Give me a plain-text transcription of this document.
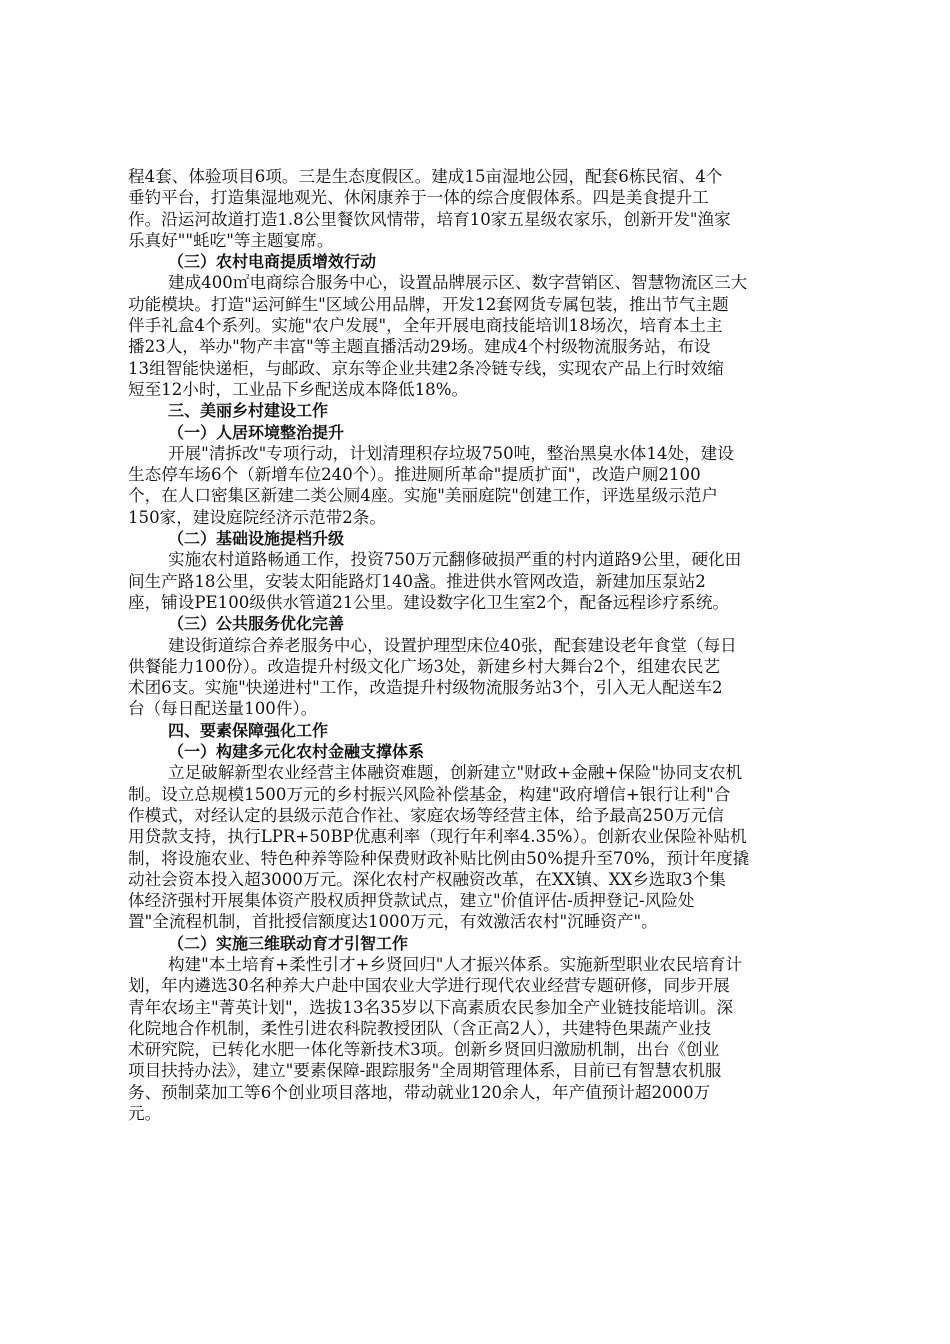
程4套、体验项目6项。三是生态度假区。建成15亩湿地公园，配套6栋民宿、4个
垂钓平台，打造集湿地观光、休闲康养于一体的综合度假体系。四是美食提升工
作。沿运河故道打造1.8公里餐饮风情带，培育10家五星级农家乐，创新开发"渔家
乐真好""蚝吃"等主题宴席。
（三）农村电商提质增效行动
建成400㎡电商综合服务中心，设置品牌展示区、数字营销区、智慧物流区三大
功能模块。打造"运河鲜生"区域公用品牌，开发12套网货专属包装，推出节气主题
伴手礼盒4个系列。实施"农户发展"，全年开展电商技能培训18场次，培育本土主
播23人，举办"物产丰富"等主题直播活动29场。建成4个村级物流服务站，布设
13组智能快递柜，与邮政、京东等企业共建2条冷链专线，实现农产品上行时效缩
短至12小时，工业品下乡配送成本降低18%。
三、美丽乡村建设工作
（一）人居环境整治提升
开展"清拆改"专项行动，计划清理积存垃圾750吨，整治黑臭水体14处，建设
生态停车场6个（新增车位240个）。推进厕所革命"提质扩面"，改造户厕2100
个，在人口密集区新建二类公厕4座。实施"美丽庭院"创建工作，评选星级示范户
150家，建设庭院经济示范带2条。
（二）基础设施提档升级
实施农村道路畅通工作，投资750万元翻修破损严重的村内道路9公里，硬化田
间生产路18公里，安装太阳能路灯140盏。推进供水管网改造，新建加压泵站2
座，铺设PE100级供水管道21公里。建设数字化卫生室2个，配备远程诊疗系统。
（三）公共服务优化完善
建设街道综合养老服务中心，设置护理型床位40张，配套建设老年食堂（每日
供餐能力100份）。改造提升村级文化广场3处，新建乡村大舞台2个，组建农民艺
术团6支。实施"快递进村"工作，改造提升村级物流服务站3个，引入无人配送车2
台（每日配送量100件）。
四、要素保障强化工作
（一）构建多元化农村金融支撑体系
立足破解新型农业经营主体融资难题，创新建立"财政+金融+保险"协同支农机
制。设立总规模1500万元的乡村振兴风险补偿基金，构建"政府增信+银行让利"合
作模式，对经认定的县级示范合作社、家庭农场等经营主体，给予最高250万元信
用贷款支持，执行LPR+50BP优惠利率（现行年利率4.35%）。创新农业保险补贴机
制，将设施农业、特色种养等险种保费财政补贴比例由50%提升至70%，预计年度撬
动社会资本投入超3000万元。深化农村产权融资改革，在XX镇、XX乡选取3个集
体经济强村开展集体资产股权质押贷款试点，建立"价值评估-质押登记-风险处
置"全流程机制，首批授信额度达1000万元，有效激活农村"沉睡资产"。
（二）实施三维联动育才引智工作
构建"本土培育+柔性引才+乡贤回归"人才振兴体系。实施新型职业农民培育计
划，年内遴选30名种养大户赴中国农业大学进行现代农业经营专题研修，同步开展
青年农场主"菁英计划"，选拔13名35岁以下高素质农民参加全产业链技能培训。深
化院地合作机制，柔性引进农科院教授团队（含正高2人），共建特色果蔬产业技
术研究院，已转化水肥一体化等新技术3项。创新乡贤回归激励机制，出台《创业
项目扶持办法》，建立"要素保障-跟踪服务"全周期管理体系，目前已有智慧农机服
务、预制菜加工等6个创业项目落地，带动就业120余人，年产值预计超2000万
元。
